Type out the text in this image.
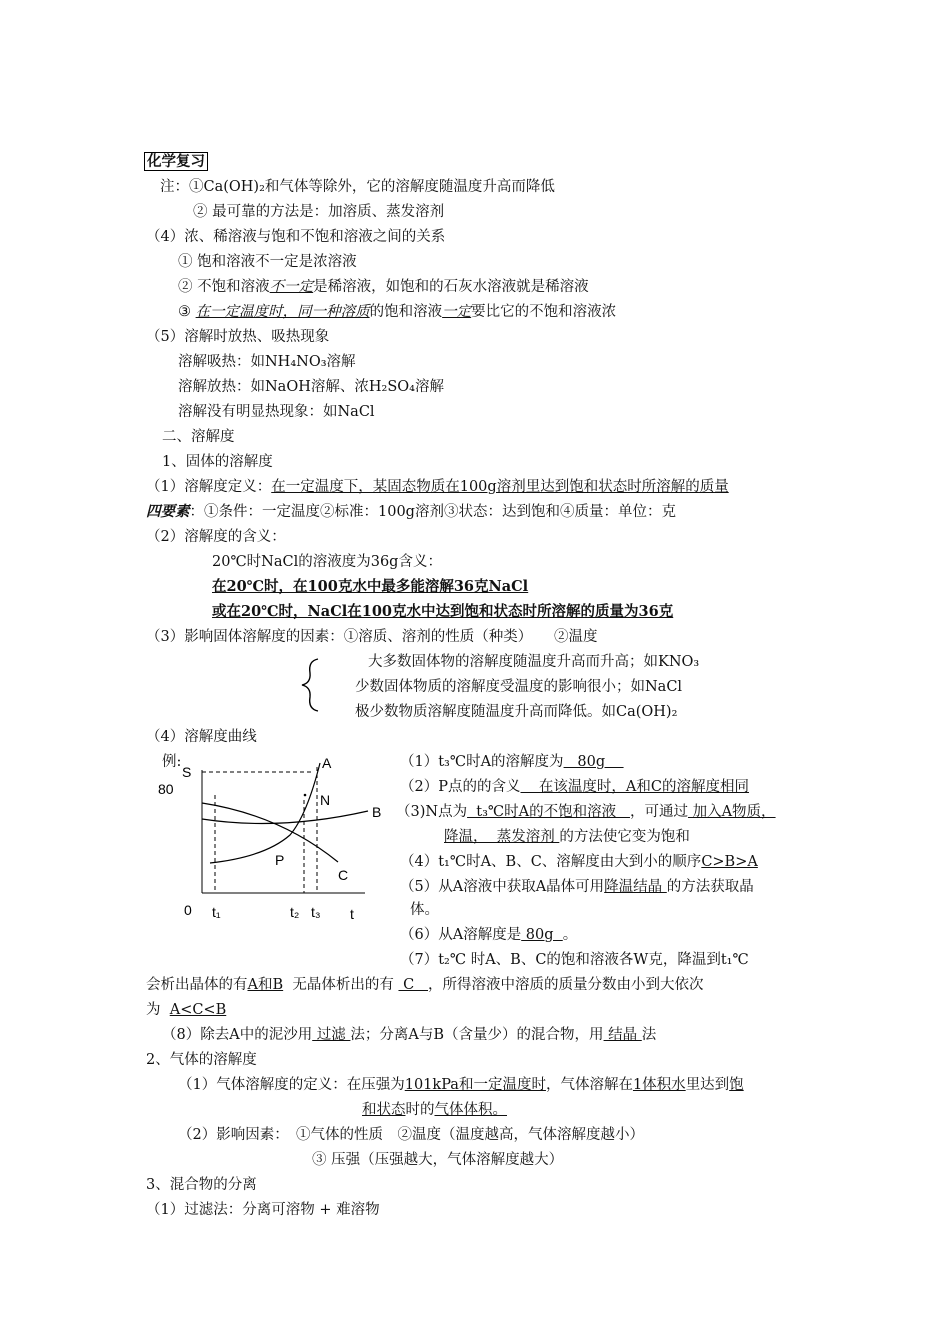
化学复习
注：①Ca(OH)₂和气体等除外，它的溶解度随温度升高而降低
② 最可靠的方法是：加溶质、蒸发溶剂
（4）浓、稀溶液与饱和不饱和溶液之间的关系
① 饱和溶液不一定是浓溶液
② 不饱和溶液不一定是稀溶液，如饱和的石灰水溶液就是稀溶液
③ 在一定温度时，同一种溶质的饱和溶液一定要比它的不饱和溶液浓
（5）溶解时放热、吸热现象
溶解吸热：如NH₄NO₃溶解
溶解放热：如NaOH溶解、浓H₂SO₄溶解
溶解没有明显热现象：如NaCl
二、溶解度
1、固体的溶解度
（1）溶解度定义：在一定温度下，某固态物质在100g溶剂里达到饱和状态时所溶解的质量
四要素：①条件：一定温度②标准：100g溶剂③状态：达到饱和④质量：单位：克
（2）溶解度的含义：
20℃时NaCl的溶液度为36g含义：
在20℃时，在100克水中最多能溶解36克NaCl
或在20℃时，NaCl在100克水中达到饱和状态时所溶解的质量为36克
（3）影响固体溶解度的因素：①溶质、溶剂的性质（种类）　　②温度
大多数固体物的溶解度随温度升高而升高；如KNO₃
少数固体物质的溶解度受温度的影响很小；如NaCl
极少数物质溶解度随温度升高而降低。如Ca(OH)₂
（4）溶解度曲线
例:
S
80
0	t
t₁	t₂ t₃
A
B
C
N
P
（1）t₃℃时A的溶解度为   80g
（2）P点的的含义    在该温度时，A和C的溶解度相同
（3)N点为  t₃℃时A的不饱和溶液   ，可通过 加入A物质，
降温，  蒸发溶剂 的方法使它变为饱和
（4）t₁℃时A、B、C、溶解度由大到小的顺序C>B>A
（5）从A溶液中获取A晶体可用降温结晶 的方法获取晶
体。
（6）从A溶解度是 80g  。
（7）t₂℃ 时A、B、C的饱和溶液各W克，降温到t₁℃
会析出晶体的有A和B  无晶体析出的有  C   ，所得溶液中溶质的质量分数由小到大依次
为  A<C<B
（8）除去A中的泥沙用 过滤 法；分离A与B（含量少）的混合物，用 结晶 法
2、气体的溶解度
（1）气体溶解度的定义：在压强为101kPa和一定温度时，气体溶解在1体积水里达到饱
和状态时的气体体积。
（2）影响因素：　①气体的性质　②温度（温度越高，气体溶解度越小）
③ 压强（压强越大，气体溶解度越大）
3、混合物的分离
（1）过滤法：分离可溶物 + 难溶物
